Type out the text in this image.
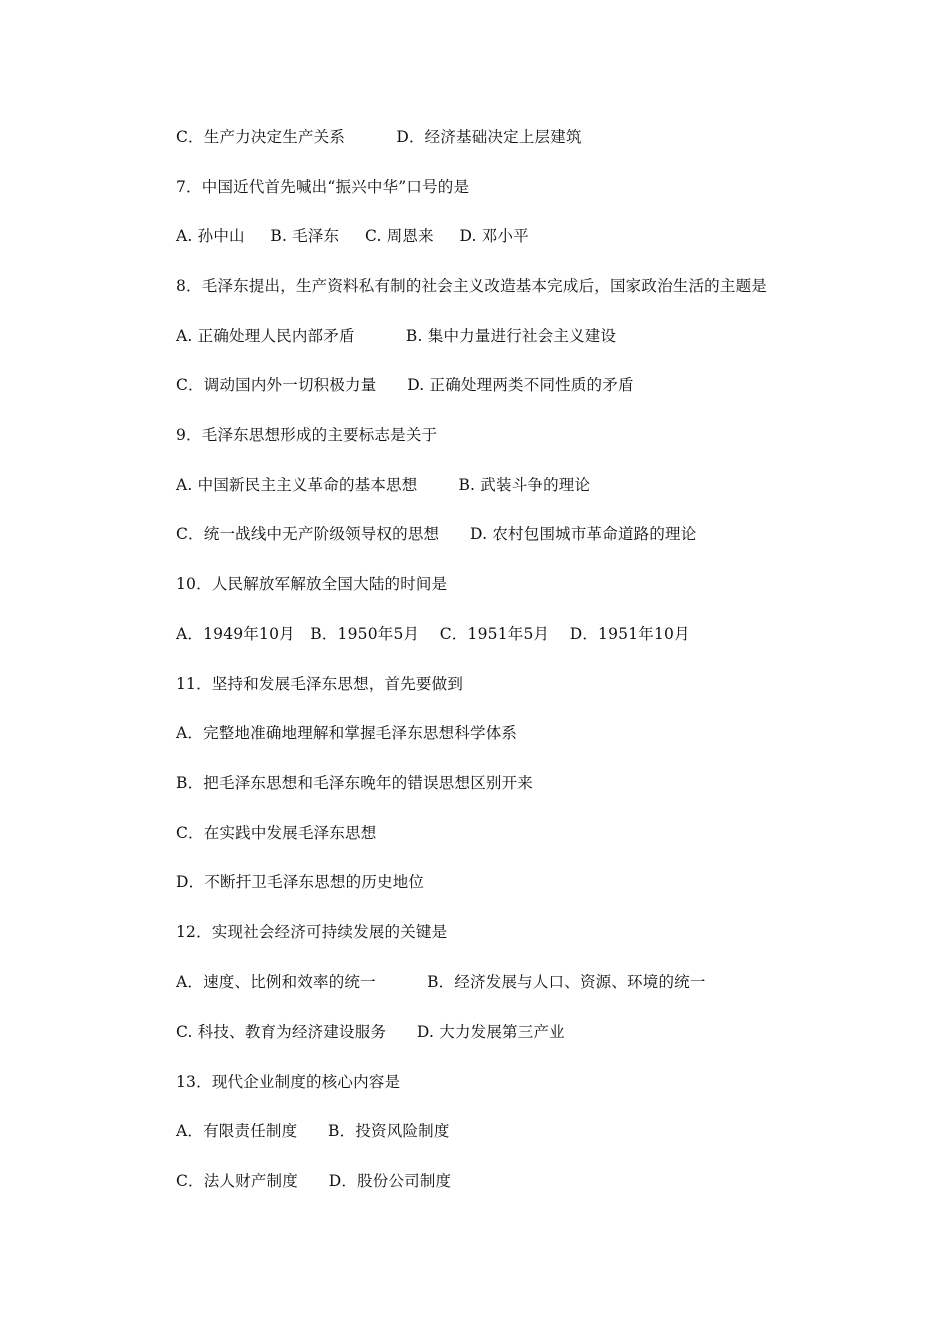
C．生产力决定生产关系          D．经济基础决定上层建筑
7．中国近代首先喊出“振兴中华”口号的是
A. 孙中山     B. 毛泽东     C. 周恩来     D. 邓小平
8．毛泽东提出，生产资料私有制的社会主义改造基本完成后，国家政治生活的主题是
A. 正确处理人民内部矛盾          B. 集中力量进行社会主义建设
C．调动国内外一切积极力量      D. 正确处理两类不同性质的矛盾
9．毛泽东思想形成的主要标志是关于
A. 中国新民主主义革命的基本思想        B. 武装斗争的理论
C．统一战线中无产阶级领导权的思想      D. 农村包围城市革命道路的理论
10．人民解放军解放全国大陆的时间是
A．1949年10月   B．1950年5月    C．1951年5月    D．1951年10月
11．坚持和发展毛泽东思想，首先要做到
A．完整地准确地理解和掌握毛泽东思想科学体系
B．把毛泽东思想和毛泽东晚年的错误思想区别开来
C．在实践中发展毛泽东思想
D．不断扞卫毛泽东思想的历史地位
12．实现社会经济可持续发展的关键是
A．速度、比例和效率的统一          B．经济发展与人口、资源、环境的统一
C. 科技、教育为经济建设服务      D. 大力发展第三产业
13．现代企业制度的核心内容是
A．有限责任制度      B．投资风险制度
C．法人财产制度      D．股份公司制度
